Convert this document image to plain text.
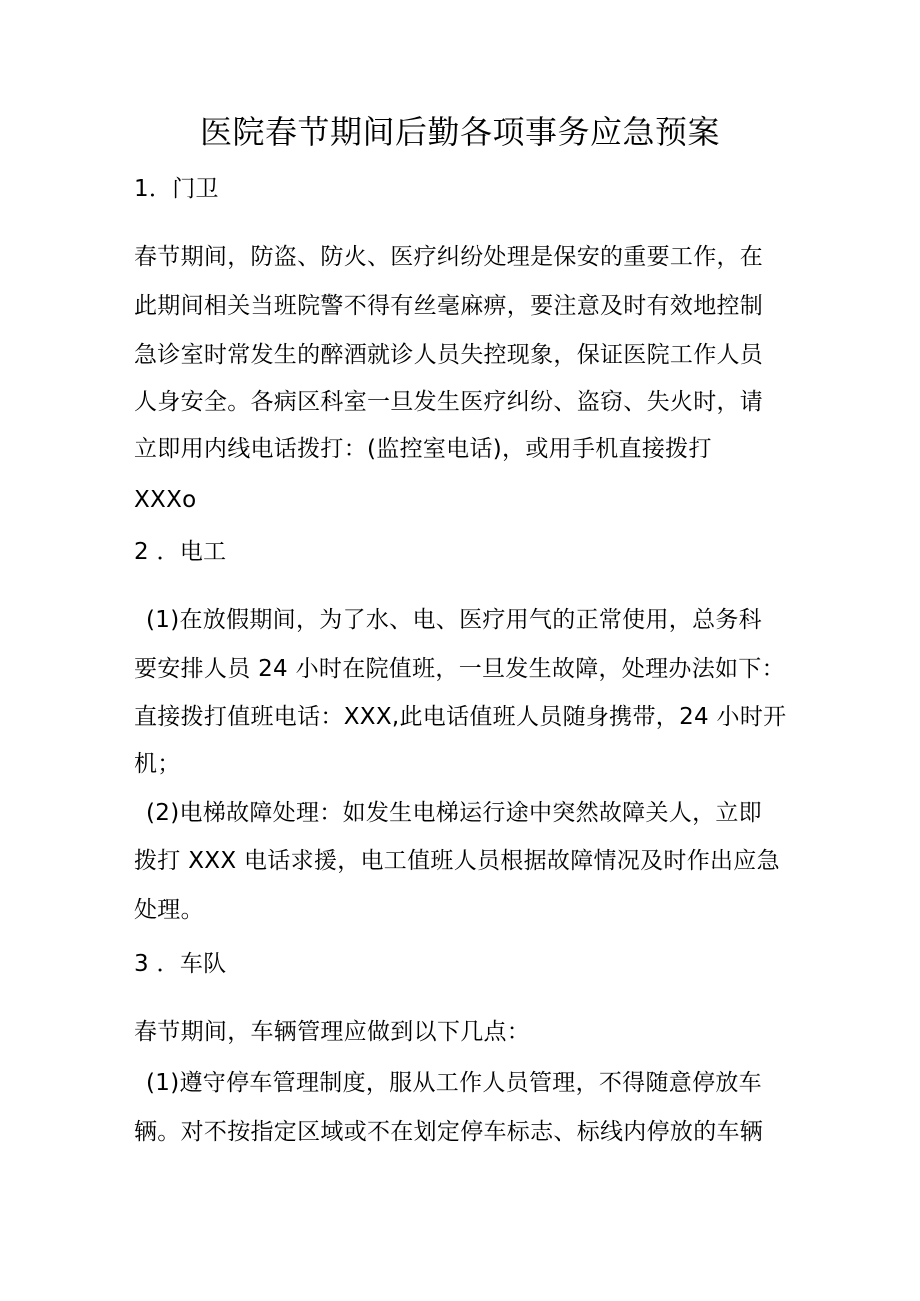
医院春节期间后勤各项事务应急预案
1．门卫
春节期间，防盗、防火、医疗纠纷处理是保安的重要工作，在
此期间相关当班院警不得有丝毫麻痹，要注意及时有效地控制
急诊室时常发生的醉酒就诊人员失控现象，保证医院工作人员
人身安全。各病区科室一旦发生医疗纠纷、盗窃、失火时，请
立即用内线电话拨打：(监控室电话)，或用手机直接拨打
XXXo
2 ．电工
(1)在放假期间，为了水、电、医疗用气的正常使用，总务科
要安排人员 24 小时在院值班，一旦发生故障，处理办法如下：
直接拨打值班电话：XXX,此电话值班人员随身携带，24 小时开
机；
(2)电梯故障处理：如发生电梯运行途中突然故障关人，立即
拨打 XXX 电话求援，电工值班人员根据故障情况及时作出应急
处理。
3 ．车队
春节期间，车辆管理应做到以下几点：
(1)遵守停车管理制度，服从工作人员管理，不得随意停放车
辆。对不按指定区域或不在划定停车标志、标线内停放的车辆
